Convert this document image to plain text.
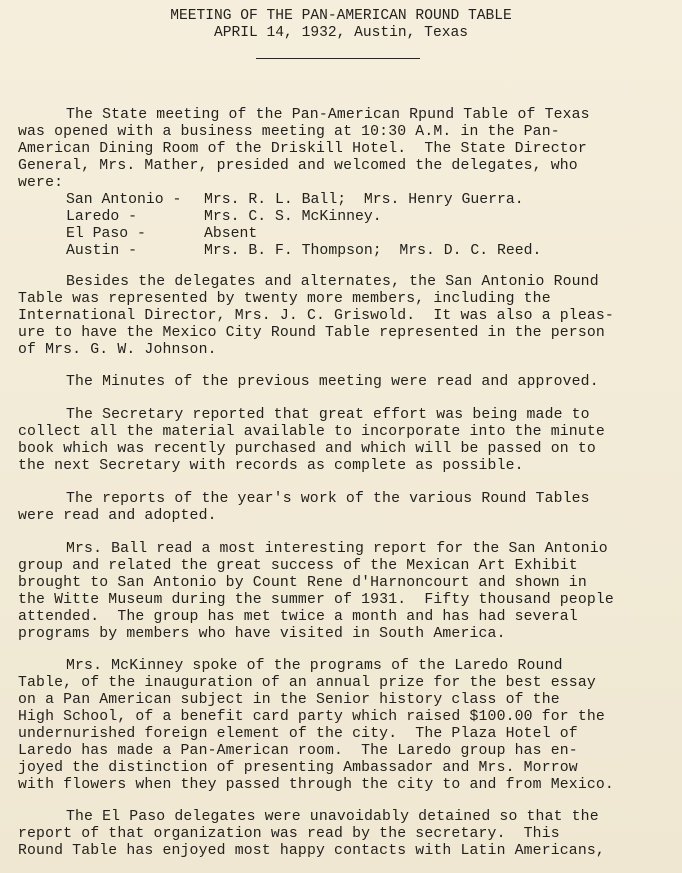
MEETING OF THE PAN-AMERICAN ROUND TABLE
APRIL 14, 1932, Austin, Texas
The State meeting of the Pan-American Rpund Table of Texas
was opened with a business meeting at 10:30 A.M. in the Pan-
American Dining Room of the Driskill Hotel.  The State Director
General, Mrs. Mather, presided and welcomed the delegates, who
were:
San Antonio - Mrs. R. L. Ball;  Mrs. Henry Guerra.
Laredo -	Mrs. C. S. McKinney.
El Paso -	Absent
Austin -	Mrs. B. F. Thompson;  Mrs. D. C. Reed.
Besides the delegates and alternates, the San Antonio Round
Table was represented by twenty more members, including the
International Director, Mrs. J. C. Griswold.  It was also a pleas-
ure to have the Mexico City Round Table represented in the person
of Mrs. G. W. Johnson.
The Minutes of the previous meeting were read and approved.
The Secretary reported that great effort was being made to
collect all the material available to incorporate into the minute
book which was recently purchased and which will be passed on to
the next Secretary with records as complete as possible.
The reports of the year's work of the various Round Tables
were read and adopted.
Mrs. Ball read a most interesting report for the San Antonio
group and related the great success of the Mexican Art Exhibit
brought to San Antonio by Count Rene d'Harnoncourt and shown in
the Witte Museum during the summer of 1931.  Fifty thousand people
attended.  The group has met twice a month and has had several
programs by members who have visited in South America.
Mrs. McKinney spoke of the programs of the Laredo Round
Table, of the inauguration of an annual prize for the best essay
on a Pan American subject in the Senior history class of the
High School, of a benefit card party which raised $100.00 for the
undernurished foreign element of the city.  The Plaza Hotel of
Laredo has made a Pan-American room.  The Laredo group has en-
joyed the distinction of presenting Ambassador and Mrs. Morrow
with flowers when they passed through the city to and from Mexico.
The El Paso delegates were unavoidably detained so that the
report of that organization was read by the secretary.  This
Round Table has enjoyed most happy contacts with Latin Americans,
